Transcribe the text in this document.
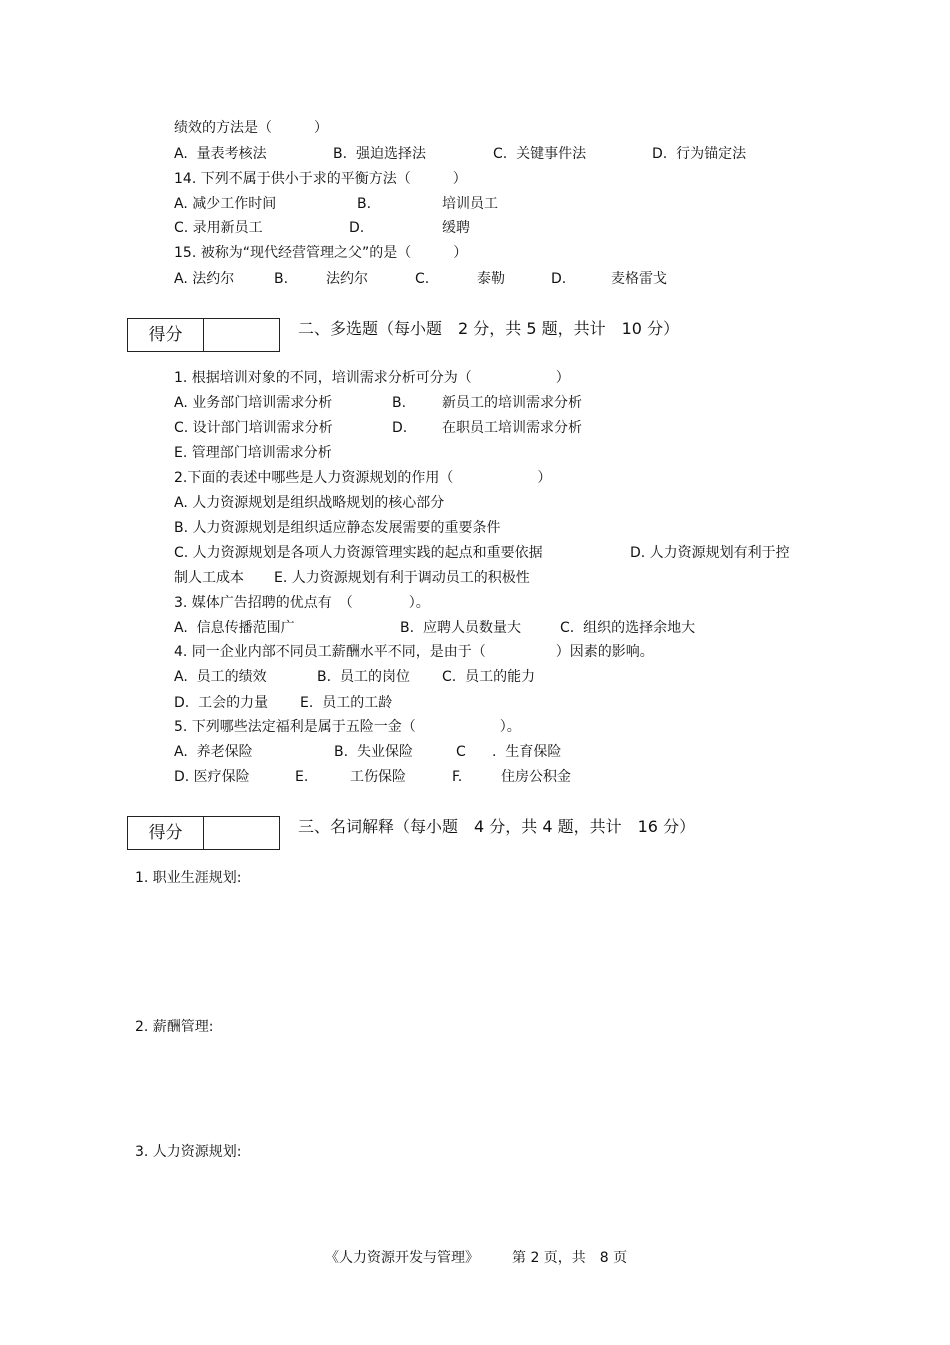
绩效的方法是（　　　）
A.  量表考核法	B.  强迫选择法	C.  关键事件法	D.  行为锚定法
14. 下列不属于供小于求的平衡方法（　　　）
A. 减少工作时间	B.	培训员工
C. 录用新员工	D.	缓聘
15. 被称为“现代经营管理之父”的是（　　　）
A. 法约尔	B.	法约尔	C.	泰勒	D.	麦格雷戈
得分	二、多选题（每小题　2 分，共 5 题，共计　10 分）
1. 根据培训对象的不同，培训需求分析可分为（　　　　　　）
A. 业务部门培训需求分析	B.	新员工的培训需求分析
C. 设计部门培训需求分析	D. 在职员工培训需求分析
E. 管理部门培训需求分析
2.下面的表述中哪些是人力资源规划的作用（　　　　　　）
A. 人力资源规划是组织战略规划的核心部分
B. 人力资源规划是组织适应静态发展需要的重要条件
C. 人力资源规划是各项人力资源管理实践的起点和重要依据	D. 人力资源规划有利于控
制人工成本 E. 人力资源规划有利于调动员工的积极性
3. 媒体广告招聘的优点有　（　　　　）。
A.  信息传播范围广	B.  应聘人员数量大	C.  组织的选择余地大
4. 同一企业内部不同员工薪酬水平不同，是由于（　　　　　）因素的影响。
A.  员工的绩效	B.  员工的岗位 C.  员工的能力
D.  工会的力量 E.  员工的工龄
5. 下列哪些法定福利是属于五险一金（　　　　　　）。
A.  养老保险	B.  失业保险	C .  生育保险
D. 医疗保险	E.	工伤保险	F.	住房公积金
得分	三、名词解释（每小题　4 分，共 4 题，共计　16 分）
1. 职业生涯规划:
2. 薪酬管理:
3. 人力资源规划:
《人力资源开发与管理》 第 2 页，共　8 页
